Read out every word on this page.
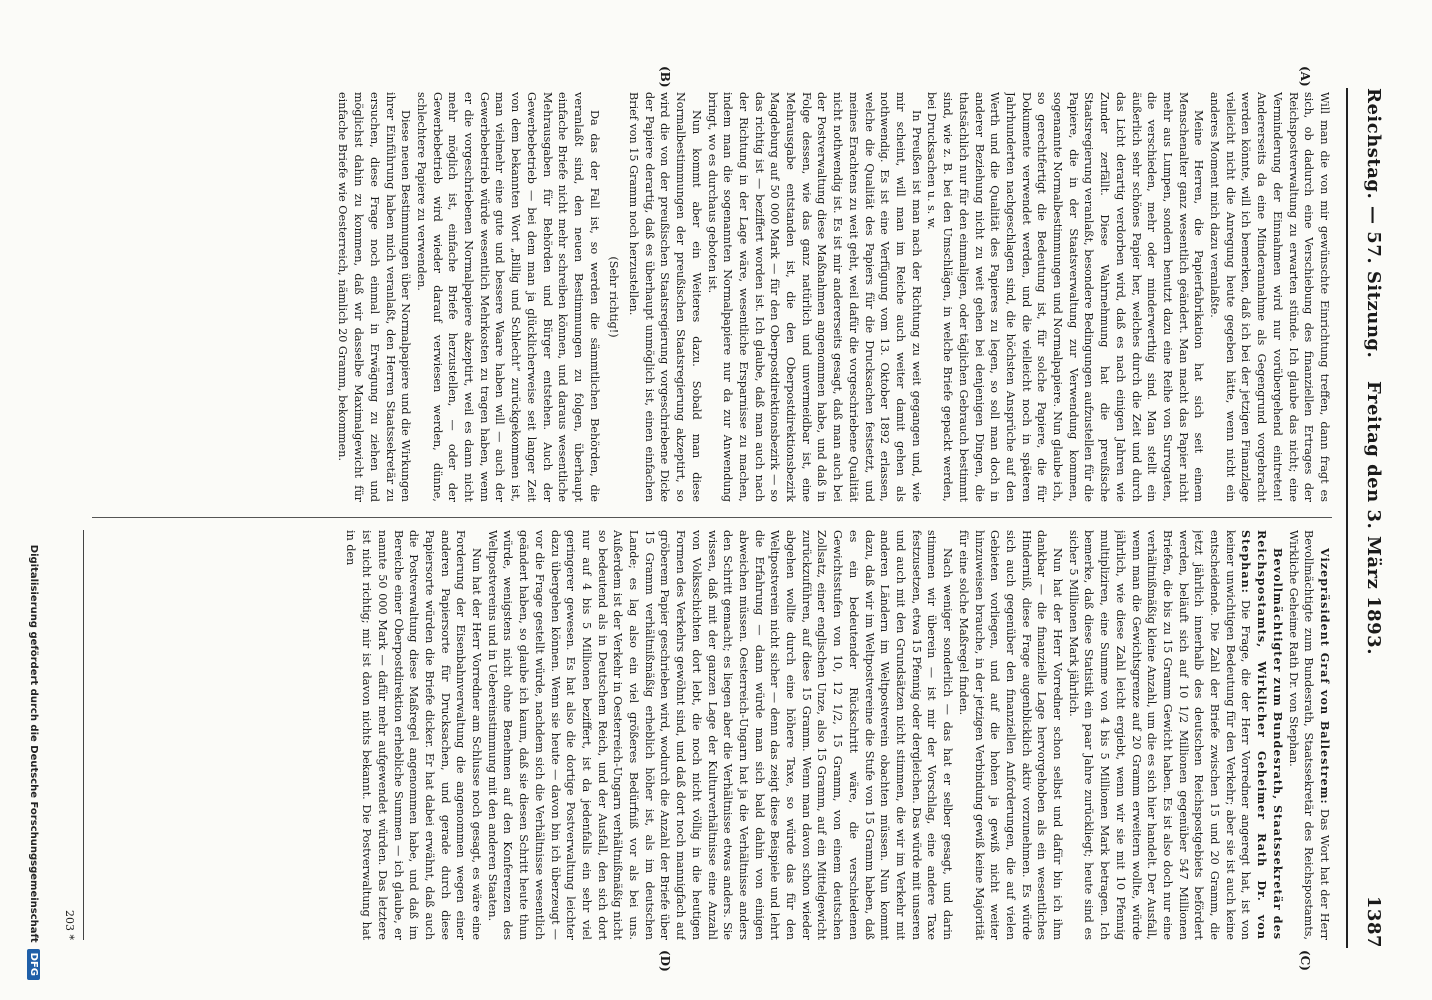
Reichstag. — 57. Sitzung.
Freitag den 3. März 1893.
1387
(A)
(B)
(C)
(D)

Will man die von mir gewünschte Einrichtung treffen, dann fragt es sich, ob dadurch eine Verschiebung des finanziellen Ertrages der Reichspostverwaltung zu erwarten stünde. Ich glaube das nicht; eine Verminderung der Einnahmen wird nur vorübergehend eintreten! Andererseits da eine Minderannahme als Gegengrund vorgebracht werden könnte, will ich bemerken, daß ich bei der jetzigen Finanzlage vielleicht nicht die Anregung heute gegeben hätte, wenn nicht ein anderes Moment mich dazu veranlaßte.

Meine Herren, die Papierfabrikation hat sich seit einem Menschenalter ganz wesentlich geändert. Man macht das Papier nicht mehr aus Lumpen, sondern benutzt dazu eine Reihe von Surrogaten, die verschieden, mehr oder minderwerthig sind. Man stellt ein äußerlich sehr schönes Papier her, welches durch die Zeit und durch das Licht derartig verdorben wird, daß es nach einigen Jahren wie Zunder zerfällt. Diese Wahrnehmung hat die preußische Staatsregierung veranlaßt, besondere Bedingungen aufzustellen für die Papiere, die in der Staatsverwaltung zur Verwendung kommen, sogenannte Normalbestimmungen und Normalpapiere. Nun glaube ich, so gerechtfertigt die Bedeutung ist, für solche Papiere, die für Dokumente verwendet werden, und die vielleicht noch in späteren Jahrhunderten nachgeschlagen sind, die höchsten Ansprüche auf den Werth und die Qualität des Papieres zu legen, so soll man doch in anderer Beziehung nicht zu weit gehen bei denjenigen Dingen, die thatsächlich nur für den einmaligen, oder täglichen Gebrauch bestimmt sind, wie z. B. bei den Umschlägen, in welche Briefe gepackt werden, bei Drucksachen u. s. w.

In Preußen ist man nach der Richtung zu weit gegangen und, wie mir scheint, will man im Reiche auch weiter damit gehen als nothwendig. Es ist eine Verfügung vom 13. Oktober 1892 erlassen, welche die Qualität des Papiers für die Drucksachen festsetzt, und meines Erachtens zu weit geht, weil dafür die vorgeschriebene Qualität nicht nothwendig ist. Es ist mir andererseits gesagt, daß man auch bei der Postverwaltung diese Maßnahmen angenommen habe, und daß in Folge dessen, wie das ganz natürlich und unvermeidbar ist, eine Mehrausgabe entstanden ist, die den Oberpostdirektionsbezirk Magdeburg auf 50 000 Mark — für den Oberpostdirektionsbezirk — so das richtig ist — beziffert worden ist. Ich glaube, daß man auch nach der Richtung in der Lage wäre, wesentliche Ersparnisse zu machen, indem man die sogenannten Normalpapiere nur da zur Anwendung bringt, wo es durchaus geboten ist.

Nun kommt aber ein Weiteres dazu. Sobald man diese Normalbestimmungen der preußischen Staatsregierung akzeptirt, so wird die von der preußischen Staatsregierung vorgeschriebene Dicke der Papiere derartig, daß es überhaupt unmöglich ist, einen einfachen Brief von 15 Gramm noch herzustellen.

(Sehr richtig!)

Da das der Fall ist, so werden die sämmtlichen Behörden, die veranlaßt sind, den neuen Bestimmungen zu folgen, überhaupt einfache Briefe nicht mehr schreiben können, und daraus wesentliche Mehrausgaben für Behörden und Bürger entstehen. Auch der Gewerbebetrieb — bei dem man ja glücklicherweise seit langer Zeit von dem bekannten Wort „Billig und Schlecht“ zurückgekommen ist, man vielmehr eine gute und bessere Waare haben will — auch der Gewerbebetrieb würde wesentlich Mehrkosten zu tragen haben, wenn er die vorgeschriebenen Normalpapiere akzeptirt, weil es dann nicht mehr möglich ist, einfache Briefe herzustellen, — oder der Gewerbebetrieb wird wieder darauf verwiesen werden, dünne, schlechtere Papiere zu verwenden.

Diese neuen Bestimmungen über Normalpapiere und die Wirkungen ihrer Einführung haben mich veranlaßt, den Herren Staatssekretär zu ersuchen, diese Frage noch einmal in Erwägung zu ziehen und möglichst dahin zu kommen, daß wir dasselbe Maximalgewicht für einfache Briefe wie Oesterreich, nämlich 20 Gramm, bekommen.

Vizepräsident Graf von Ballestrem: Das Wort hat der Herr Bevollmächtigte zum Bundesrath, Staatssekretär des Reichspostamts, Wirkliche Geheime Rath Dr. von Stephan.

Bevollmächtigter zum Bundesrath, Staatssekretär des Reichspostamts, Wirklicher Geheimer Rath Dr. von Stephan: Die Frage, die der Herr Vorredner angeregt hat, ist von keiner unwichtigen Bedeutung für den Verkehr; aber sie ist auch keine entscheidende. Die Zahl der Briefe zwischen 15 und 20 Gramm, die jetzt jährlich innerhalb des deutschen Reichspostgebiets befördert werden, beläuft sich auf 10 1/2 Millionen gegenüber 547 Millionen Briefen, die bis zu 15 Gramm Gewicht haben. Es ist also doch nur eine verhältnißmäßig kleine Anzahl, um die es sich hier handelt. Der Ausfall, wenn man die Gewichtsgrenze auf 20 Gramm erweitern wollte, würde jährlich, wie diese Zahl leicht ergiebt, wenn wir sie mit 10 Pfennig multipliziren, eine Summe von 4 bis 5 Millionen Mark betragen. Ich bemerke, daß diese Statistik ein paar Jahre zurückliegt; heute sind es sicher 5 Millionen Mark jährlich.

Nun hat der Herr Vorredner schon selbst und dafür bin ich ihm dankbar — die finanzielle Lage hervorgehoben als ein wesentliches Hinderniß, diese Frage augenblicklich aktiv vorzunehmen. Es würde sich auch gegenüber den finanziellen Anforderungen, die auf vielen Gebieten vorliegen, und auf die hohen ja gewiß nicht weiter hinzuweisen brauche, in der jetzigen Verbindung gewiß keine Majorität für eine solche Maßregel finden.

Nach weniger sonderlich — das hat er selber gesagt, und darin stimmen wir überein — ist mir der Vorschlag, eine andere Taxe festzusetzen, etwa 15 Pfennig oder dergleichen. Das würde mit unseren und auch mit den Grundsätzen nicht stimmen, die wir im Verkehr mit anderen Ländern im Weltpostverein obachten müssen. Nun kommt dazu, daß wir im Weltpostvereine die Stufe von 15 Gramm haben, daß es ein bedeutender Rückschritt wäre, die verschiedenen Gewichtsstufen von 10, 12 1/2, 15 Gramm, von einem deutschen Zollsatz, einer englischen Unze, also 15 Gramm, auf ein Mittelgewicht zurückzuführen, auf diese 15 Gramm. Wenn man davon schon wieder abgehen wollte durch eine höhere Taxe, so würde das für den Weltpostverein nicht sicher — denn das zeigt diese Beispiele und lehrt die Erfahrung — dann würde man sich bald dahin von einigen abweichen müssen. Oesterreich-Ungarn hat ja die Verhältnisse anders den Schritt gemacht; es liegen aber die Verhältnisse etwas anders. Sie wissen, daß mit der ganzen Lage der Kulturverhältnisse eine Anzahl von Volksschichten dort lebt, die noch nicht völlig in die heutigen Formen des Verkehrs gewöhnt sind, und daß dort noch mannigfach auf gröberem Papier geschrieben wird, wodurch die Anzahl der Briefe über 15 Gramm verhältnißmäßig erheblich höher ist, als im deutschen Lande; es lag also ein viel größeres Bedürfniß vor als bei uns. Außerdem ist der Verkehr in Oesterreich-Ungarn verhältnißmäßig nicht so bedeutend als in Deutschem Reich, und der Ausfall, den sich dort nur auf 4 bis 5 Millionen beziffert, ist da jedenfalls ein sehr viel geringerer gewesen. Es hat also die dortige Postverwaltung leichter dazu übergehen können. Wenn sie heute — davon bin ich überzeugt — vor die Frage gestellt würde, nachdem sich die Verhältnisse wesentlich geändert haben, so glaube ich kaum, daß sie diesen Schritt heute thun würde, wenigstens nicht ohne Benehmen auf den Konferenzen des Weltpostvereins und in Uebereinstimmung mit den anderen Staaten.

Nun hat der Herr Vorredner am Schlusse noch gesagt, es wäre eine Forderung der Eisenbahnverwaltung die angenommen wegen einer anderen Papiersorte für Drucksachen, und gerade durch diese Papiersorte würden die Briefe dicker. Er hat dabei erwähnt, daß auch die Postverwaltung diese Maßregel angenommen habe, und daß im Bereiche einer Oberpostdirektion erhebliche Summen — ich glaube, er nannte 50 000 Mark — dafür mehr aufgewendet würden. Das letztere ist nicht richtig; mir ist davon nichts bekannt. Die Postverwaltung hat in den

203 *
Digitalisierung gefördert durch die Deutsche ForschungsgemeinschaftDFG
